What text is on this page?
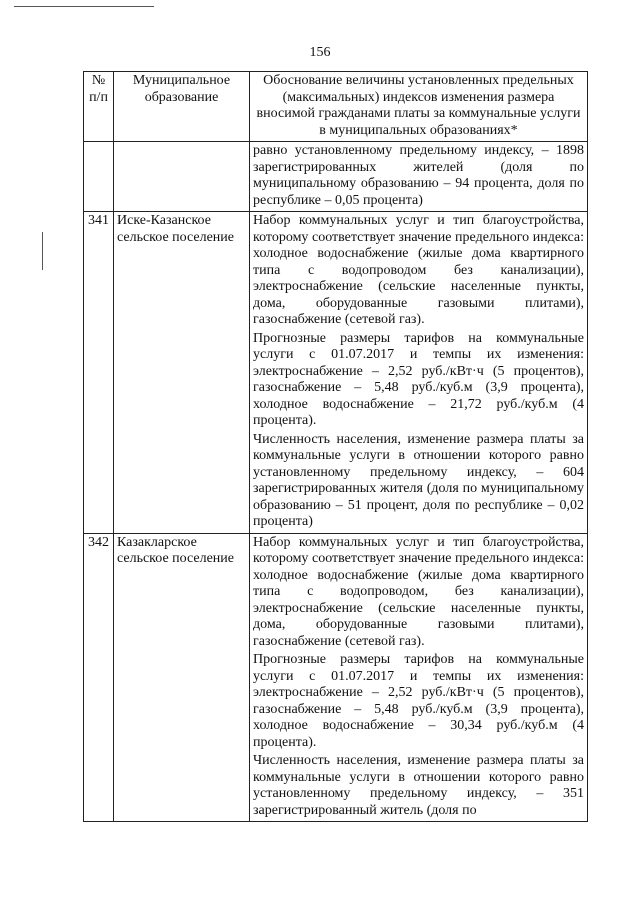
156
№ п/п	Муниципальное образование	Обоснование величины установленных предельных (максимальных) индексов изменения размера вносимой гражданами платы за коммунальные услуги в муниципальных образованиях*

		равно установленному предельному индексу, – 1898 зарегистрированных жителей (доля по муниципальному образованию – 94 процента, доля по республике – 0,05 процента)

341	Иске-Казанское сельское поселение	Набор коммунальных услуг и тип благоустройства, которому соответствует значение предельного индекса: холодное водоснабжение (жилые дома квартирного типа с водопроводом без канализации), электроснабжение (сельские населенные пункты, дома, оборудованные газовыми плитами), газоснабжение (сетевой газ).

Прогнозные размеры тарифов на коммунальные услуги с 01.07.2017 и темпы их изменения: электроснабжение – 2,52 руб./кВт·ч (5 процентов), газоснабжение – 5,48 руб./куб.м (3,9 процента), холодное водоснабжение – 21,72 руб./куб.м (4 процента).

Численность населения, изменение размера платы за коммунальные услуги в отношении которого равно установленному предельному индексу, – 604 зарегистрированных жителя (доля по муниципальному образованию – 51 процент, доля по республике – 0,02 процента)

342	Казакларское сельское поселение	Набор коммунальных услуг и тип благоустройства, которому соответствует значение предельного индекса: холодное водоснабжение (жилые дома квартирного типа с водопроводом, без канализации), электроснабжение (сельские населенные пункты, дома, оборудованные газовыми плитами), газоснабжение (сетевой газ).

Прогнозные размеры тарифов на коммунальные услуги с 01.07.2017 и темпы их изменения: электроснабжение – 2,52 руб./кВт·ч (5 процентов), газоснабжение – 5,48 руб./куб.м (3,9 процента), холодное водоснабжение – 30,34 руб./куб.м (4 процента).

Численность населения, изменение размера платы за коммунальные услуги в отношении которого равно установленному предельному индексу, – 351 зарегистрированный житель (доля по
